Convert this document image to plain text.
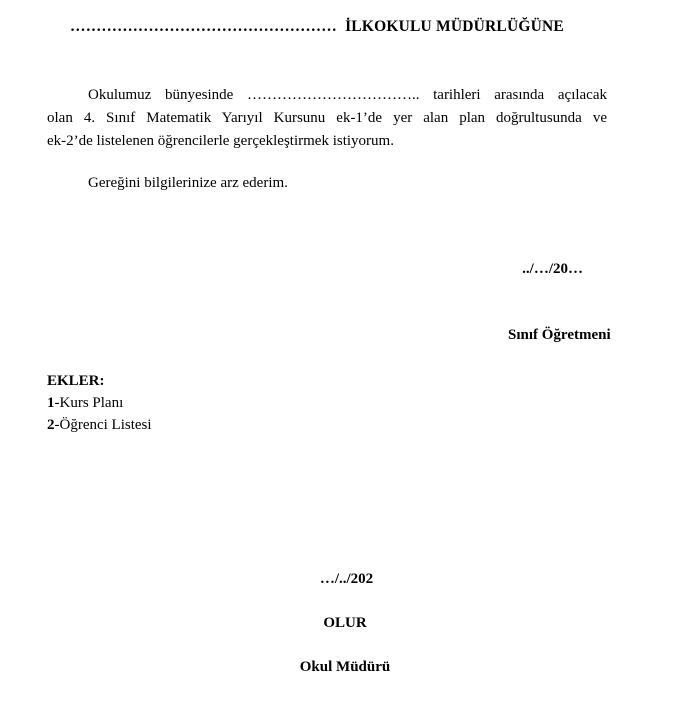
…………………………………………… İLKOKULU MÜDÜRLÜĞÜNE
Okulumuz bünyesinde …………………………….. tarihleri arasında açılacak
olan 4. Sınıf Matematik Yarıyıl Kursunu ek-1’de yer alan plan doğrultusunda ve
ek-2’de listelenen öğrencilerle gerçekleştirmek istiyorum.
Gereğini bilgilerinize arz ederim.
../…/20…
Sınıf Öğretmeni
EKLER:
1-Kurs Planı
2-Öğrenci Listesi
…/../202
OLUR
Okul Müdürü
